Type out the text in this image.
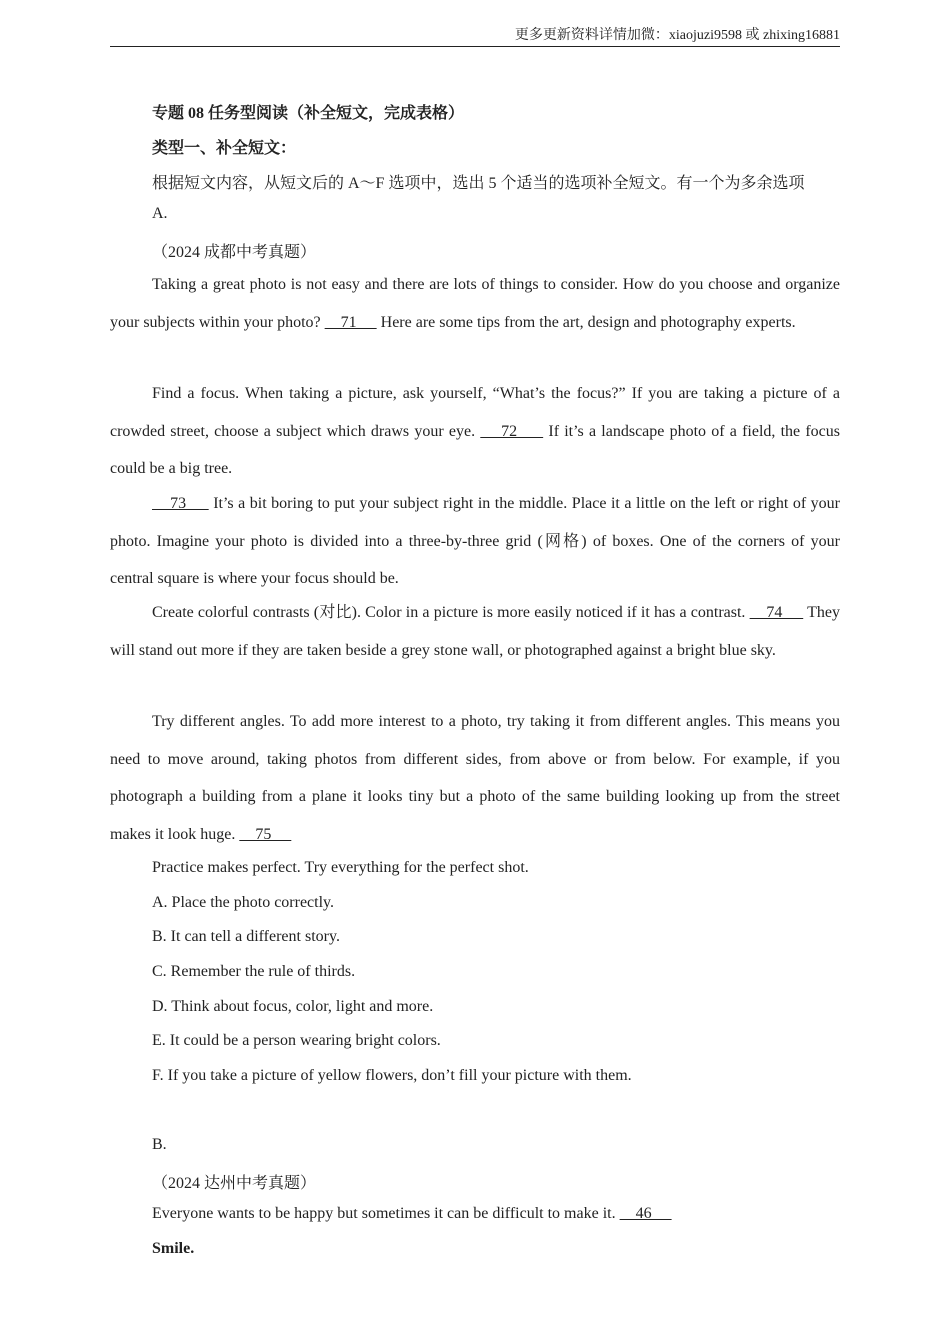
更多更新资料详情加微：xiaojuzi9598 或 zhixing16881
专题 08 任务型阅读（补全短文，完成表格）
类型一、补全短文：
根据短文内容，从短文后的 A～F 选项中，选出 5 个适当的选项补全短文。有一个为多余选项
A.
（2024 成都中考真题）
Taking a great photo is not easy and there are lots of things to consider. How do you choose and organize your subjects within your photo?     71      Here are some tips from the art, design and photography experts.
Find a focus. When taking a picture, ask yourself, “What’s the focus?” If you are taking a picture of a crowded street, choose a subject which draws your eye.     72      If it’s a landscape photo of a field, the focus could be a big tree.
73      It’s a bit boring to put your subject right in the middle. Place it a little on the left or right of your photo. Imagine your photo is divided into a three-by-three grid (网格) of boxes. One of the corners of your central square is where your focus should be.
Create colorful contrasts (对比). Color in a picture is more easily noticed if it has a contrast.     74      They will stand out more if they are taken beside a grey stone wall, or photographed against a bright blue sky.
Try different angles. To add more interest to a photo, try taking it from different angles. This means you need to move around, taking photos from different sides, from above or from below. For example, if you photograph a building from a plane it looks tiny but a photo of the same building looking up from the street makes it look huge.     75
Practice makes perfect. Try everything for the perfect shot.
A. Place the photo correctly.
B. It can tell a different story.
C. Remember the rule of thirds.
D. Think about focus, color, light and more.
E. It could be a person wearing bright colors.
F. If you take a picture of yellow flowers, don’t fill your picture with them.
B.
（2024 达州中考真题）
Everyone wants to be happy but sometimes it can be difficult to make it.     46
Smile.
